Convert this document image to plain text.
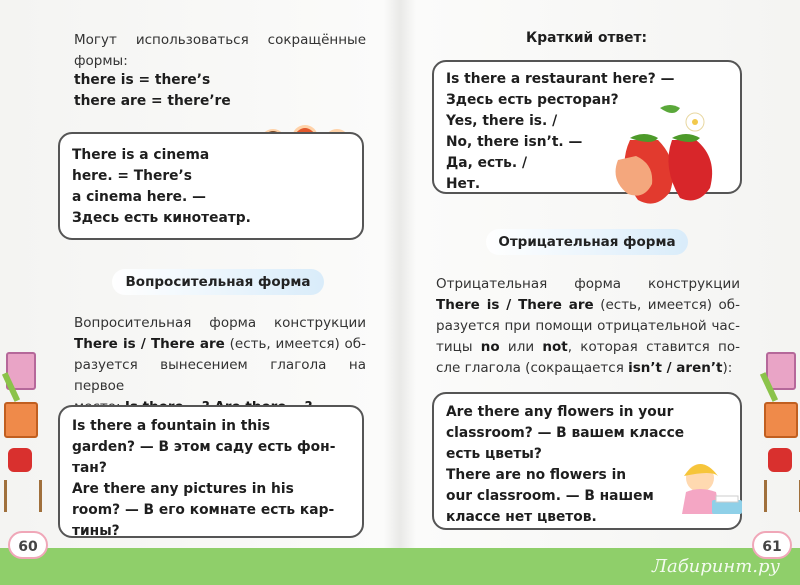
Могут использоваться сокращённые формы:
there is = there’s
there are = there’re
There is a cinema
here. = There’s
a cinema here. —
Здесь есть кинотеатр.
Вопросительная форма
Вопросительная форма конструкции
There is / There are (есть, имеется) об-
разуется вынесением глагола на первое
Is there a fountain in this
garden? — В этом саду есть фон-
тан?
Are there any pictures in his
room? — В его комнате есть кар-
тины?
60
Краткий ответ:
Is there a restaurant here? —
Здесь есть ресторан?
Yes, there is. /
No, there isn’t. —
Да, есть. /
Нет.
Отрицательная форма
Отрицательная форма конструкции
There is / There are (есть, имеется) об-
разуется при помощи отрицательной час-
тицы no или not, которая ставится по-
сле глагола (сокращается isn’t / aren’t):
Are there any flowers in your
classroom? — В вашем классе
есть цветы?
There are no flowers in
our classroom. — В нашем
классе нет цветов.
61
Лабиринт.ру
